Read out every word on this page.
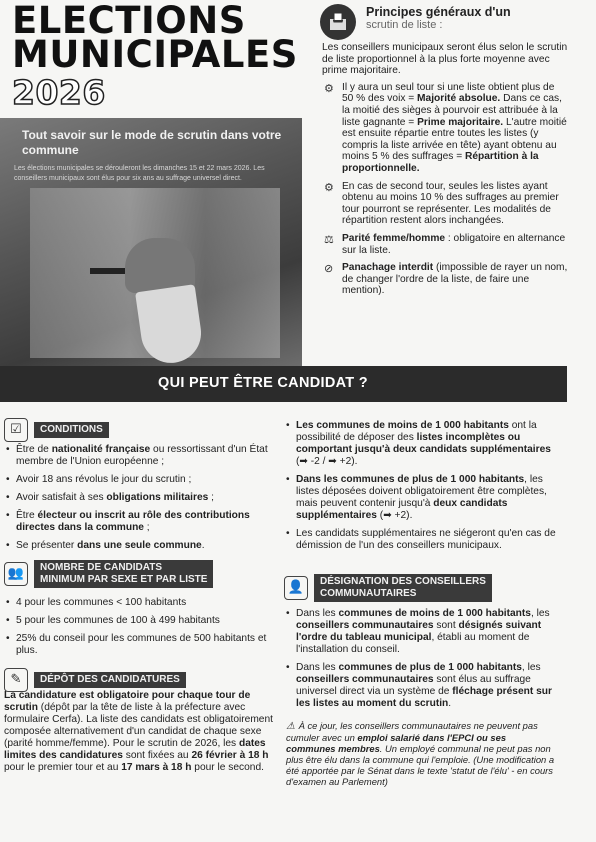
ELECTIONS
MUNICIPALES
2026
Tout savoir sur le mode de scrutin dans votre commune
Les élections municipales se dérouleront les dimanches 15 et 22 mars 2026. Les conseillers municipaux sont élus pour six ans au suffrage universel direct.
Principes généraux d'un
scrutin de liste :

Les conseillers municipaux seront élus selon le scrutin de liste proportionnel à la plus forte moyenne avec prime majoritaire.

⚙ Il y aura un seul tour si une liste obtient plus de 50 % des voix = Majorité absolue. Dans ce cas, la moitié des sièges à pourvoir est attribuée à la liste gagnante = Prime majoritaire. L'autre moitié est ensuite répartie entre toutes les listes (y compris la liste arrivée en tête) ayant obtenu au moins 5 % des suffrages = Répartition à la proportionnelle.
⚙ En cas de second tour, seules les listes ayant obtenu au moins 10 % des suffrages au premier tour pourront se représenter. Les modalités de répartition restent alors inchangées.
⚖ Parité femme/homme : obligatoire en alternance sur la liste.
⊘ Panachage interdit (impossible de rayer un nom, de changer l'ordre de la liste, de faire une mention).
QUI PEUT ÊTRE CANDIDAT ?
☑	CONDITIONS
• Être de nationalité française ou ressortissant d'un État membre de l'Union européenne ;
• Avoir 18 ans révolus le jour du scrutin ;
• Avoir satisfait à ses obligations militaires ;
• Être électeur ou inscrit au rôle des contributions directes dans la commune ;
• Se présenter dans une seule commune.
👥	NOMBRE DE CANDIDATS
MINIMUM PAR SEXE ET PAR LISTE
• 4 pour les communes < 100 habitants
• 5 pour les communes de 100 à 499 habitants
• 25% du conseil pour les communes de 500 habitants et plus.
✎	DÉPÔT DES CANDIDATURES
La candidature est obligatoire pour chaque tour de scrutin (dépôt par la tête de liste à la préfecture avec formulaire Cerfa). La liste des candidats est obligatoirement composée alternativement d'un candidat de chaque sexe (parité homme/femme). Pour le scrutin de 2026, les dates limites des candidatures sont fixées au 26 février à 18 h pour le premier tour et au 17 mars à 18 h pour le second.
• Les communes de moins de 1 000 habitants ont la possibilité de déposer des listes incomplètes ou comportant jusqu'à deux candidats supplémentaires (➡ -2 / ➡ +2).
• Dans les communes de plus de 1 000 habitants, les listes déposées doivent obligatoirement être complètes, mais peuvent contenir jusqu'à deux candidats supplémentaires (➡ +2).
• Les candidats supplémentaires ne siégeront qu'en cas de démission de l'un des conseillers municipaux.
👤	DÉSIGNATION DES CONSEILLERS
COMMUNAUTAIRES
• Dans les communes de moins de 1 000 habitants, les conseillers communautaires sont désignés suivant l'ordre du tableau municipal, établi au moment de l'installation du conseil.
• Dans les communes de plus de 1 000 habitants, les conseillers communautaires sont élus au suffrage universel direct via un système de fléchage présent sur les listes au moment du scrutin.
⚠ À ce jour, les conseillers communautaires ne peuvent pas cumuler avec un emploi salarié dans l'EPCI ou ses communes membres. Un employé communal ne peut pas non plus être élu dans la commune qui l'emploie. (Une modification a été apportée par le Sénat dans le texte 'statut de l'élu' - en cours d'examen au Parlement)
